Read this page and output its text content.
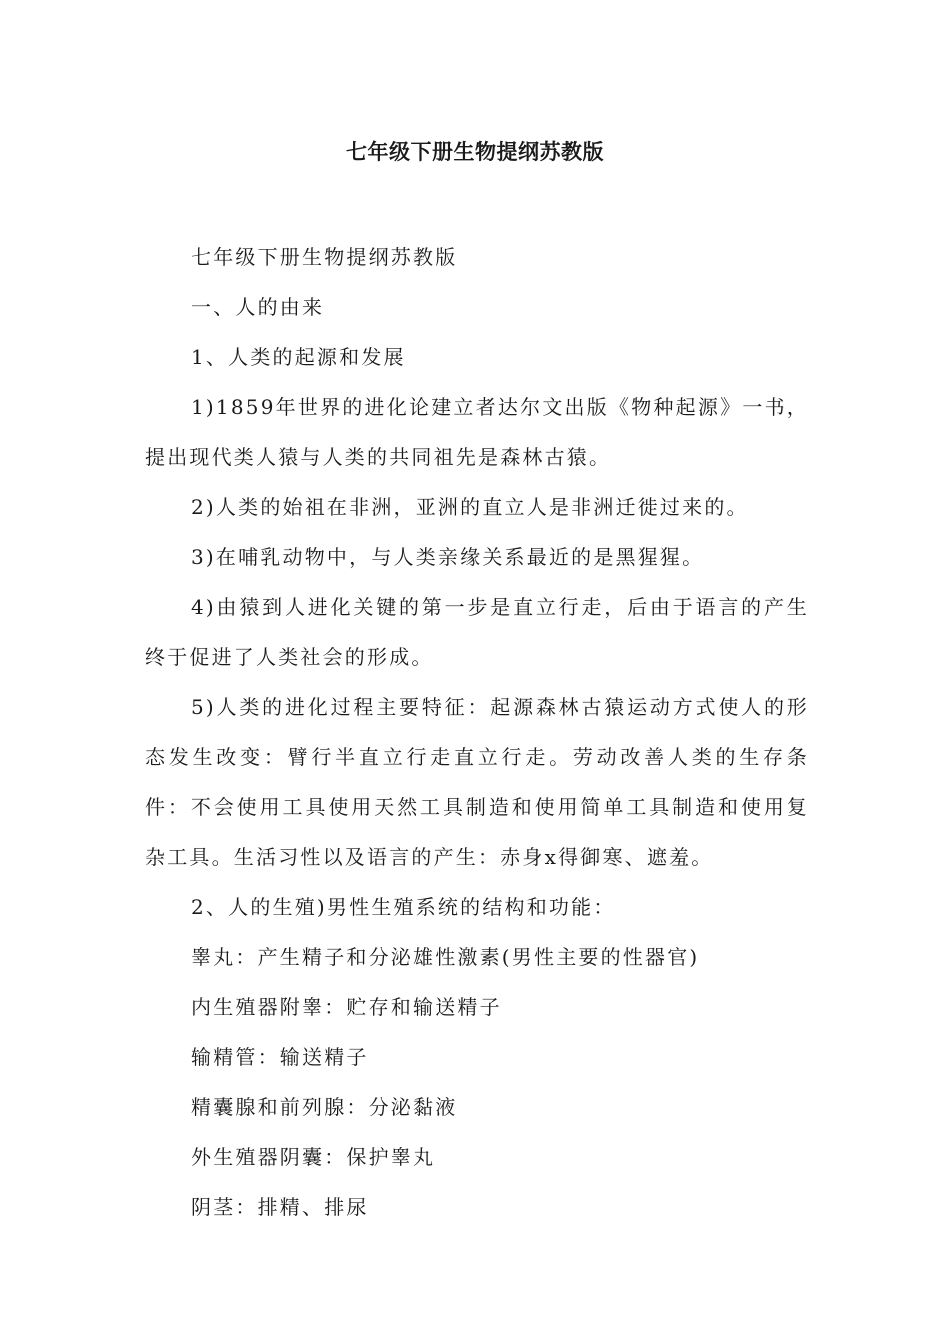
七年级下册生物提纲苏教版

七年级下册生物提纲苏教版

一、人的由来

1、人类的起源和发展

1)1859年世界的进化论建立者达尔文出版《物种起源》一书，提出现代类人猿与人类的共同祖先是森林古猿。

2)人类的始祖在非洲，亚洲的直立人是非洲迁徙过来的。

3)在哺乳动物中，与人类亲缘关系最近的是黑猩猩。

4)由猿到人进化关键的第一步是直立行走，后由于语言的产生终于促进了人类社会的形成。

5)人类的进化过程主要特征：起源森林古猿运动方式使人的形态发生改变：臂行半直立行走直立行走。劳动改善人类的生存条件：不会使用工具使用天然工具制造和使用简单工具制造和使用复杂工具。生活习性以及语言的产生：赤身x得御寒、遮羞。

2、人的生殖)男性生殖系统的结构和功能：

睾丸：产生精子和分泌雄性激素(男性主要的性器官)

内生殖器附睾：贮存和输送精子

输精管：输送精子

精囊腺和前列腺：分泌黏液

外生殖器阴囊：保护睾丸

阴茎：排精、排尿
